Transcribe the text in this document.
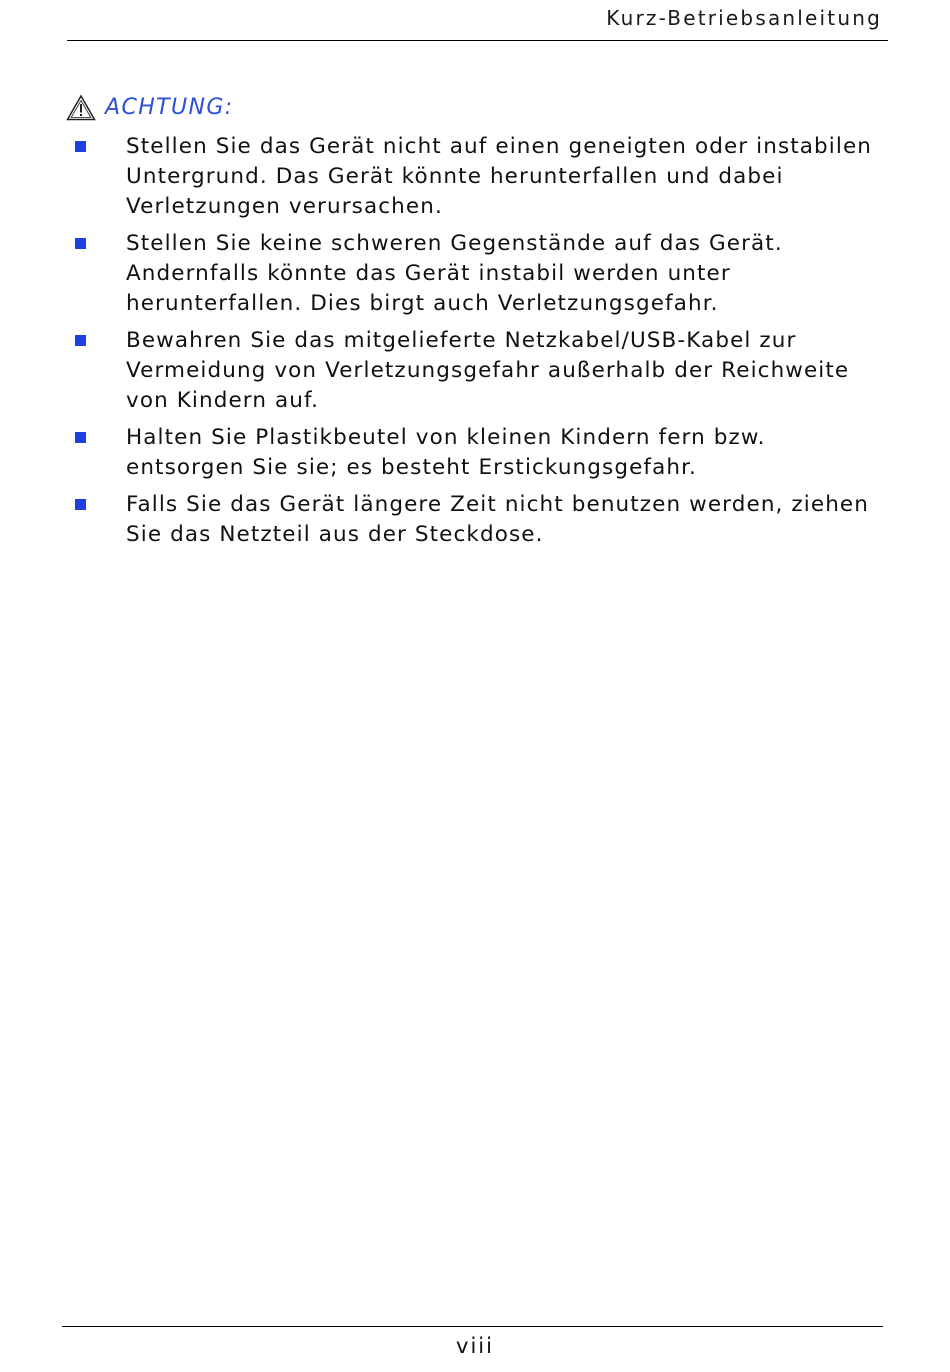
Kurz-Betriebsanleitung
ACHTUNG:
Stellen Sie das Gerät nicht auf einen geneigten oder instabilen
Untergrund. Das Gerät könnte herunterfallen und dabei
Verletzungen verursachen.
Stellen Sie keine schweren Gegenstände auf das Gerät.
Andernfalls könnte das Gerät instabil werden unter
herunterfallen. Dies birgt auch Verletzungsgefahr.
Bewahren Sie das mitgelieferte Netzkabel/USB-Kabel zur
Vermeidung von Verletzungsgefahr außerhalb der Reichweite
von Kindern auf.
Halten Sie Plastikbeutel von kleinen Kindern fern bzw.
entsorgen Sie sie; es besteht Erstickungsgefahr.
Falls Sie das Gerät längere Zeit nicht benutzen werden, ziehen
Sie das Netzteil aus der Steckdose.
viii
